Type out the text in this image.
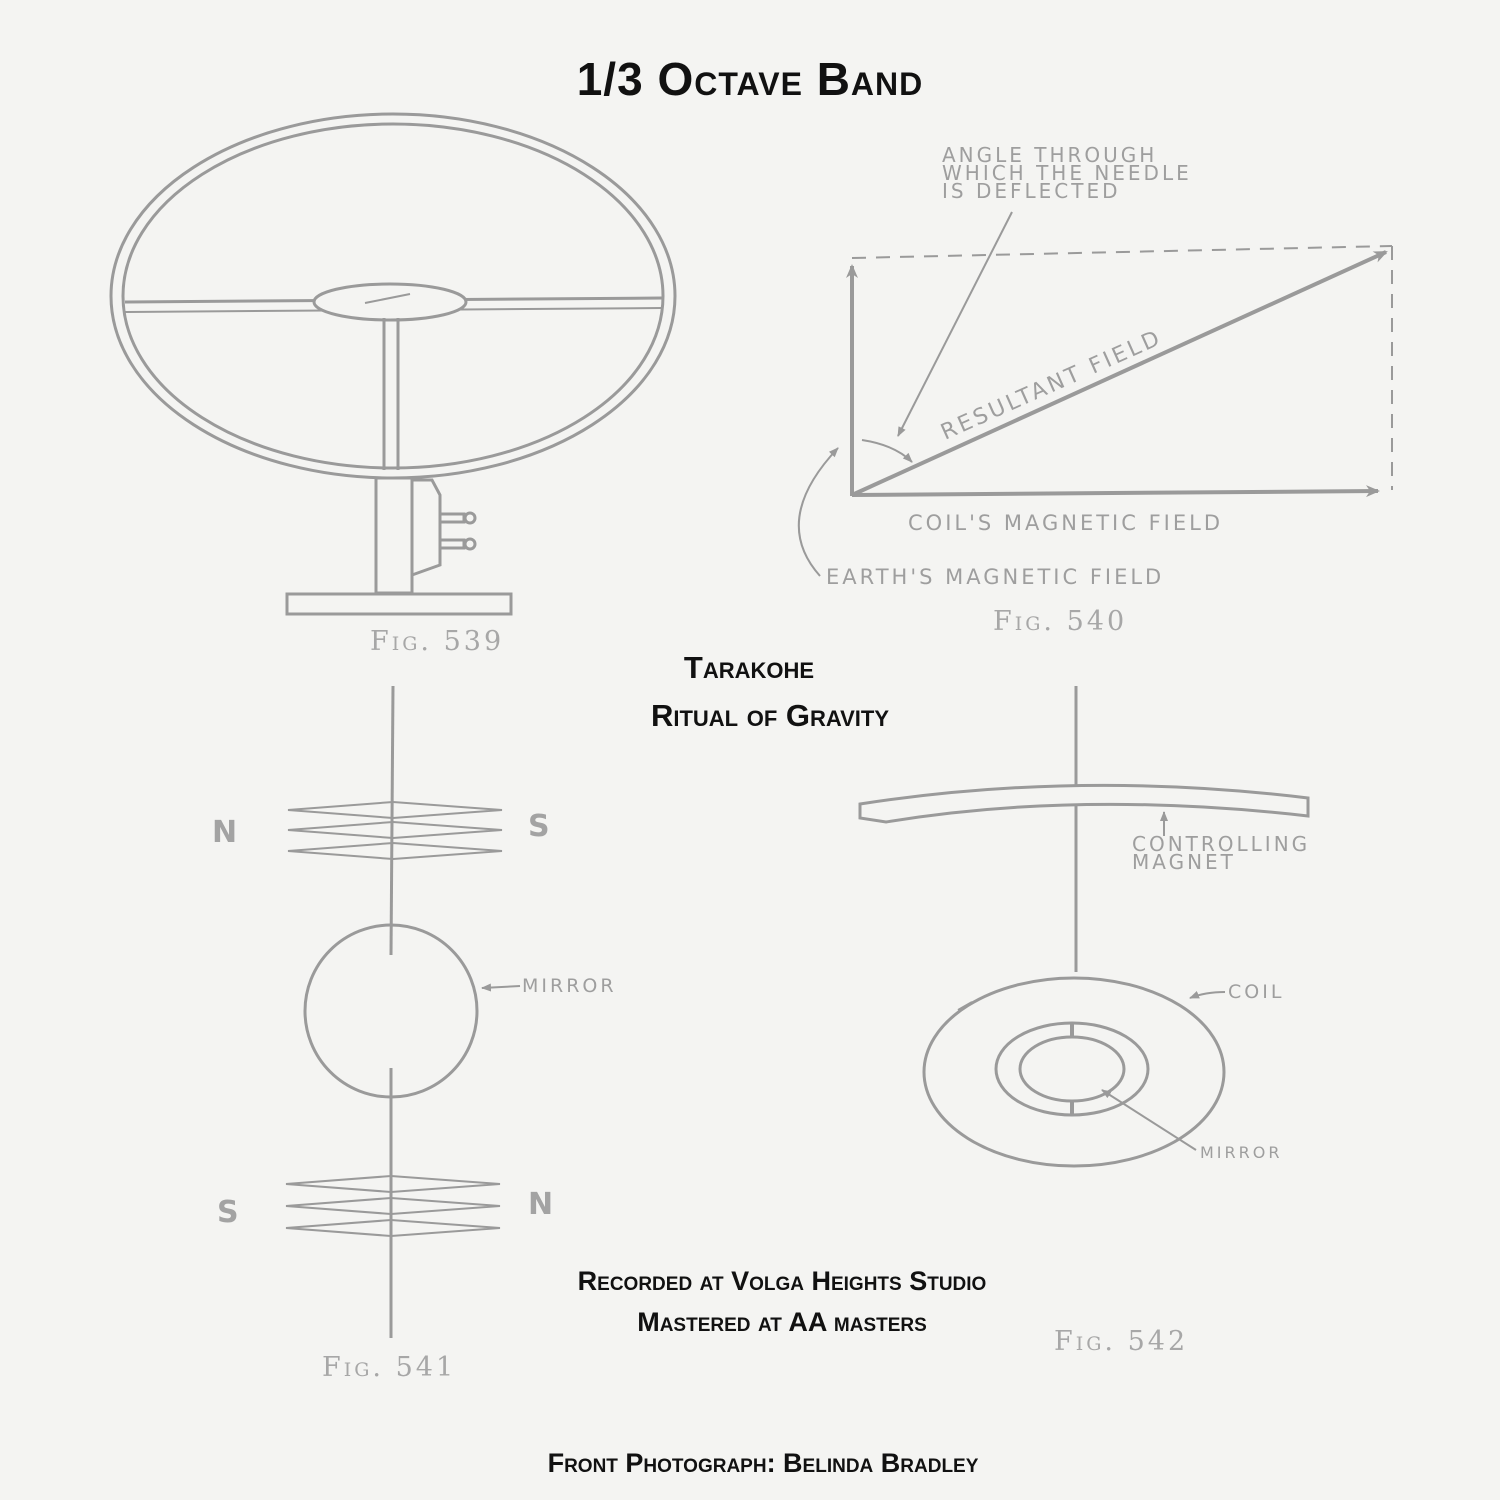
Fig. 539
ANGLE THROUGH
WHICH THE NEEDLE
IS DEFLECTED
RESULTANT FIELD
COIL'S MAGNETIC FIELD
EARTH'S MAGNETIC FIELD
Fig. 540
N	S
S	N
MIRROR
Fig. 541
CONTROLLING
MAGNET
COIL
MIRROR
Fig. 542
1/3 Octave Band
Tarakohe
Ritual of Gravity
Recorded at Volga Heights Studio
Mastered at AA masters
Front Photograph: Belinda Bradley
